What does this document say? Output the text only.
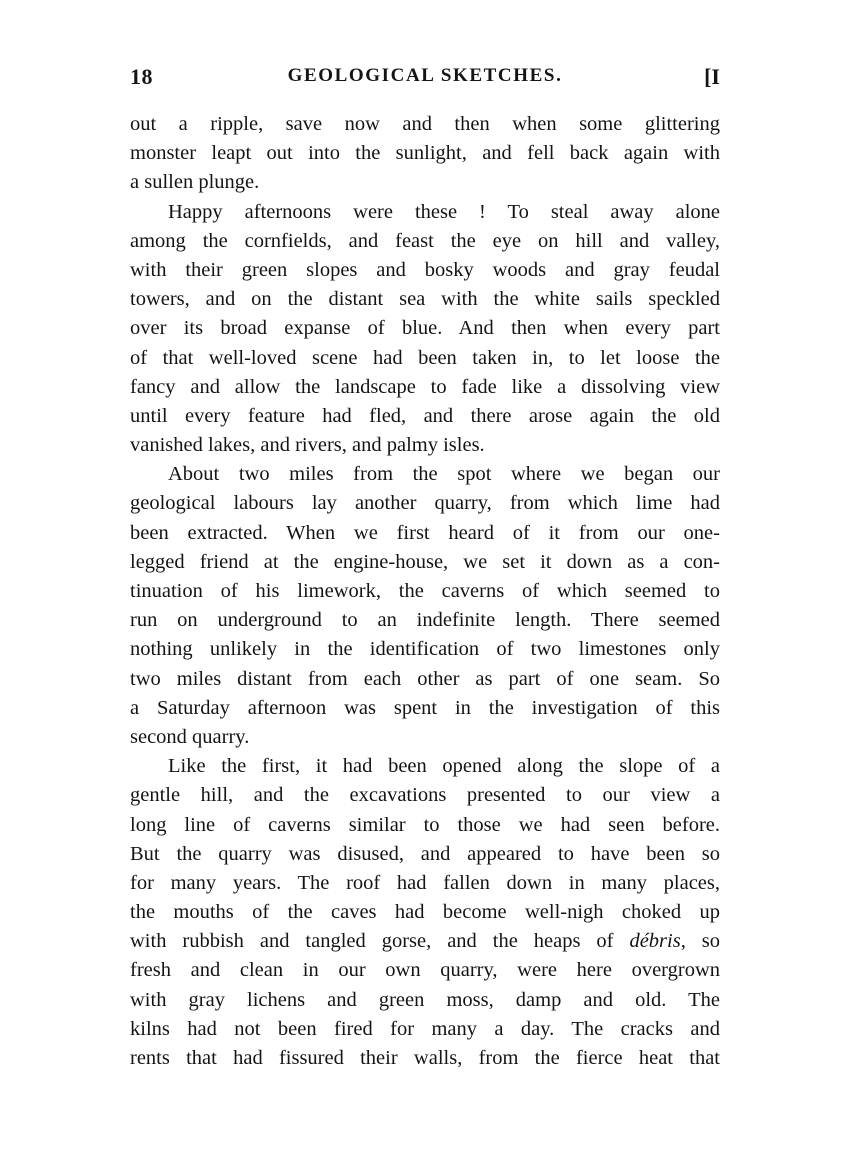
18	GEOLOGICAL SKETCHES.	[I
out a ripple, save now and then when some glittering
monster leapt out into the sunlight, and fell back again with
a sullen plunge.
Happy afternoons were these ! To steal away alone
among the cornfields, and feast the eye on hill and valley,
with their green slopes and bosky woods and gray feudal
towers, and on the distant sea with the white sails speckled
over its broad expanse of blue. And then when every part
of that well-loved scene had been taken in, to let loose the
fancy and allow the landscape to fade like a dissolving view
until every feature had fled, and there arose again the old
vanished lakes, and rivers, and palmy isles.
About two miles from the spot where we began our
geological labours lay another quarry, from which lime had
been extracted. When we first heard of it from our one-
legged friend at the engine-house, we set it down as a con-
tinuation of his limework, the caverns of which seemed to
run on underground to an indefinite length. There seemed
nothing unlikely in the identification of two limestones only
two miles distant from each other as part of one seam. So
a Saturday afternoon was spent in the investigation of this
second quarry.
Like the first, it had been opened along the slope of a
gentle hill, and the excavations presented to our view a
long line of caverns similar to those we had seen before.
But the quarry was disused, and appeared to have been so
for many years. The roof had fallen down in many places,
the mouths of the caves had become well-nigh choked up
with rubbish and tangled gorse, and the heaps of débris, so
fresh and clean in our own quarry, were here overgrown
with gray lichens and green moss, damp and old. The
kilns had not been fired for many a day. The cracks and
rents that had fissured their walls, from the fierce heat that
